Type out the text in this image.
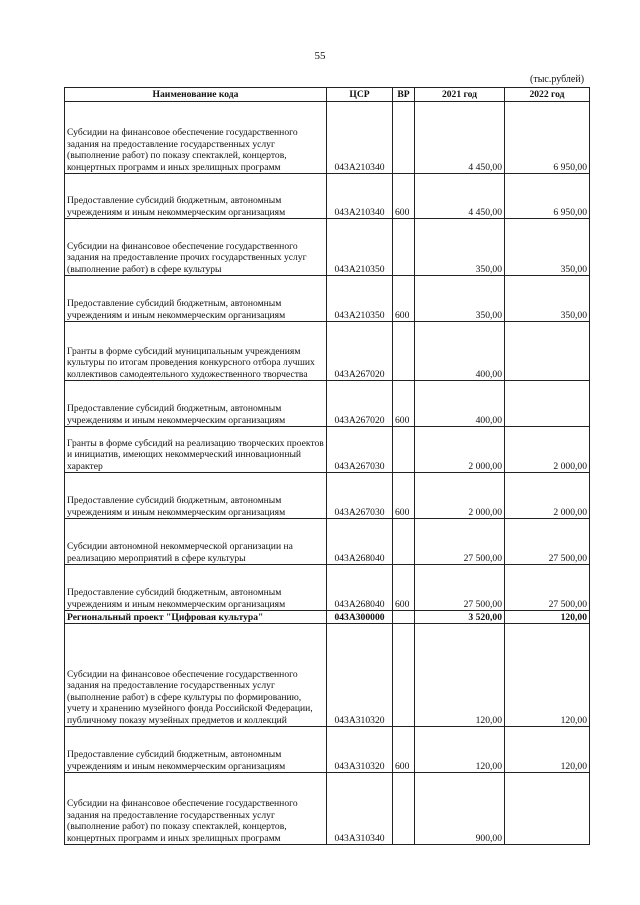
55
(тыс.рублей)
Наименование кода	ЦСР	ВР	2021 год	2022 год
Субсидии на финансовое обеспечение государственного задания на предоставление государственных услуг (выполнение работ) по показу спектаклей, концертов, концертных программ и иных зрелищных программ	043A210340		4 450,00	6 950,00
Предоставление субсидий бюджетным, автономным учреждениям и иным некоммерческим организациям	043A210340	600	4 450,00	6 950,00
Субсидии на финансовое обеспечение государственного задания на предоставление прочих государственных услуг (выполнение работ) в сфере культуры	043A210350		350,00	350,00
Предоставление субсидий бюджетным, автономным учреждениям и иным некоммерческим организациям	043A210350	600	350,00	350,00
Гранты в форме субсидий муниципальным учреждениям культуры по итогам проведения конкурсного отбора лучших коллективов самодеятельного художественного творчества	043A267020		400,00	
Предоставление субсидий бюджетным, автономным учреждениям и иным некоммерческим организациям	043A267020	600	400,00	
Гранты в форме субсидий на реализацию творческих проектов и инициатив, имеющих некоммерческий инновационный характер	043A267030		2 000,00	2 000,00
Предоставление субсидий бюджетным, автономным учреждениям и иным некоммерческим организациям	043A267030	600	2 000,00	2 000,00
Субсидии автономной некоммерческой организации на реализацию мероприятий в сфере культуры	043A268040		27 500,00	27 500,00
Предоставление субсидий бюджетным, автономным учреждениям и иным некоммерческим организациям	043A268040	600	27 500,00	27 500,00
Региональный проект "Цифровая культура"	043A300000		3 520,00	120,00
Субсидии на финансовое обеспечение государственного задания на предоставление государственных услуг (выполнение работ) в сфере культуры по формированию, учету и хранению музейного фонда Российской Федерации, публичному показу музейных предметов и коллекций	043A310320		120,00	120,00
Предоставление субсидий бюджетным, автономным учреждениям и иным некоммерческим организациям	043A310320	600	120,00	120,00
Субсидии на финансовое обеспечение государственного задания на предоставление государственных услуг (выполнение работ) по показу спектаклей, концертов, концертных программ и иных зрелищных программ	043A310340		900,00	
